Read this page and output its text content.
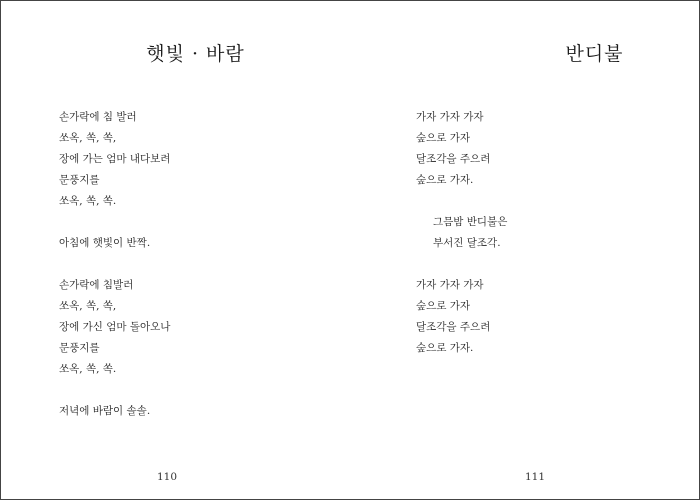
햇빛 · 바람
손가락에 침 발러
쏘옥, 쏙, 쏙,
장에 가는 엄마 내다보려
문풍지를
쏘옥, 쏙, 쏙.
아침에 햇빛이 반짝.
손가락에 침발러
쏘옥, 쏙, 쏙,
장에 가신 엄마 돌아오나
문풍지를
쏘옥, 쏙, 쏙.
저녁에 바람이 솔솔.
110
반디불
가자 가자 가자
숲으로 가자
달조각을 주으려
숲으로 가자.
그믐밤 반디불은
부서진 달조각.
가자 가자 가자
숲으로 가자
달조각을 주으려
숲으로 가자.
111
